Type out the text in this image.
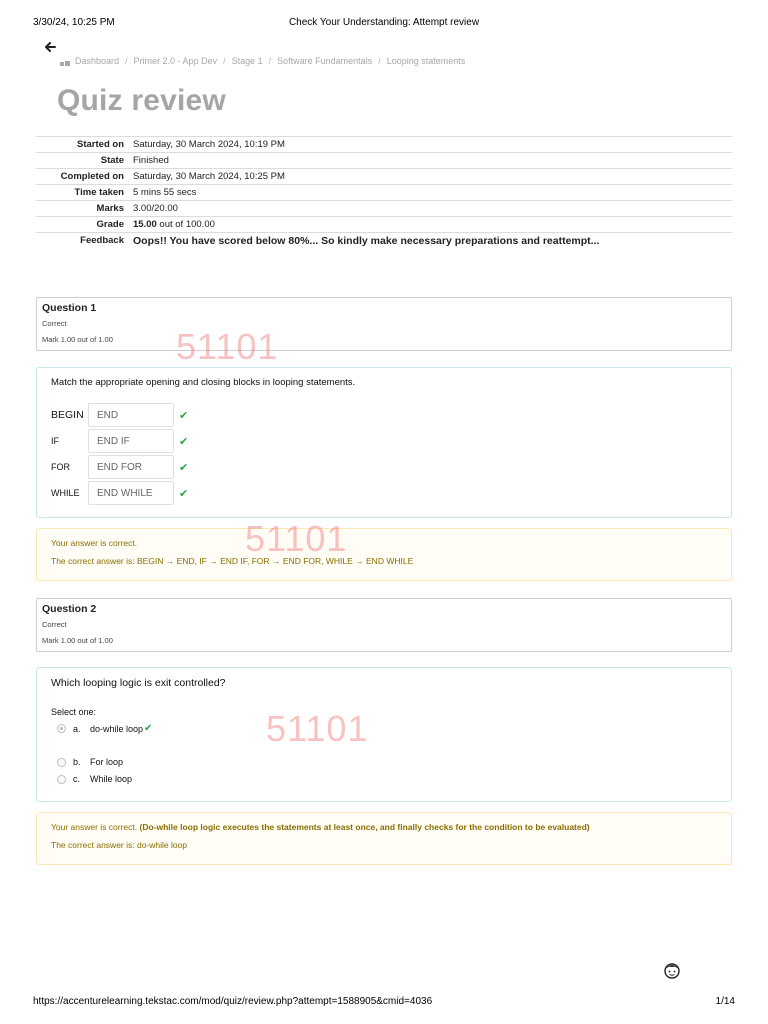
3/30/24, 10:25 PM	Check Your Understanding: Attempt review
Dashboard / Primer 2.0 - App Dev / Stage 1 / Software Fundamentals / Looping statements
Quiz review
Started on	Saturday, 30 March 2024, 10:19 PM
State	Finished
Completed on	Saturday, 30 March 2024, 10:25 PM
Time taken	5 mins 55 secs
Marks	3.00/20.00
Grade	15.00 out of 100.00
Feedback	Oops!! You have scored below 80%... So kindly make necessary preparations and reattempt...
Question 1
Correct
Mark 1.00 out of 1.00	51101
Match the appropriate opening and closing blocks in looping statements.
BEGIN	END	✔
IF	END IF	✔
FOR	END FOR	✔
WHILE	END WHILE	✔
Your answer is correct.
The correct answer is: BEGIN → END, IF → END IF, FOR → END FOR, WHILE → END WHILE
51101
Question 2
Correct
Mark 1.00 out of 1.00
Which looping logic is exit controlled?
Select one:
a.	do-while loop ✔
b.	For loop
c.	While loop
51101
Your answer is correct. (Do-while loop logic executes the statements at least once, and finally checks for the condition to be evaluated)
The correct answer is: do-while loop
https://accenturelearning.tekstac.com/mod/quiz/review.php?attempt=1588905&cmid=4036	1/14
